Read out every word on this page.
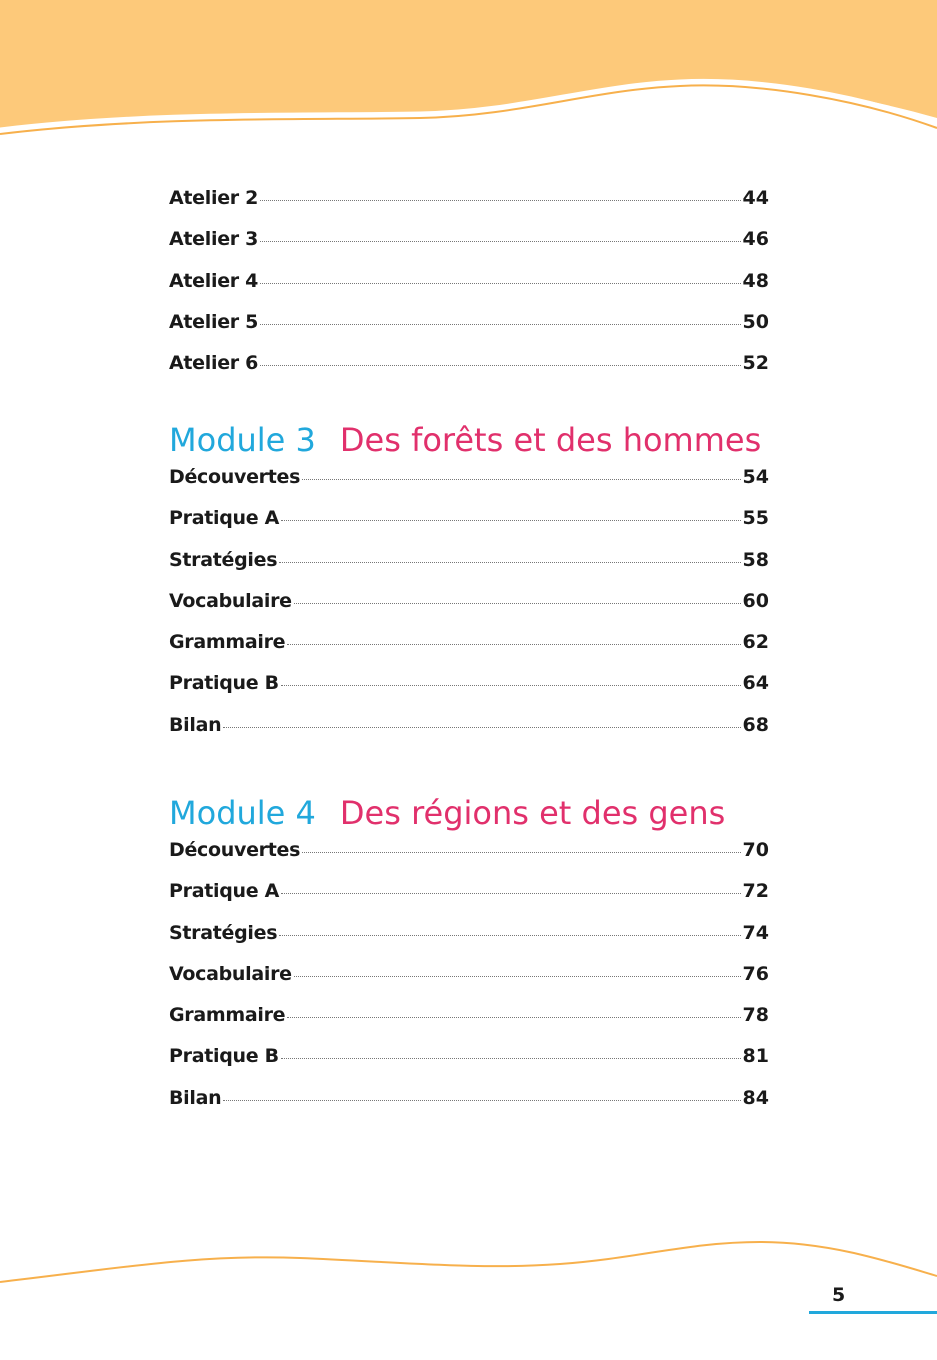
Atelier 2	44
Atelier 3	46
Atelier 4	48
Atelier 5	50
Atelier 6	52
Module 3 Des forêts et des hommes
Découvertes	54
Pratique A	55
Stratégies	58
Vocabulaire	60
Grammaire	62
Pratique B	64
Bilan	68
Module 4 Des régions et des gens
Découvertes	70
Pratique A	72
Stratégies	74
Vocabulaire	76
Grammaire	78
Pratique B	81
Bilan	84
5
